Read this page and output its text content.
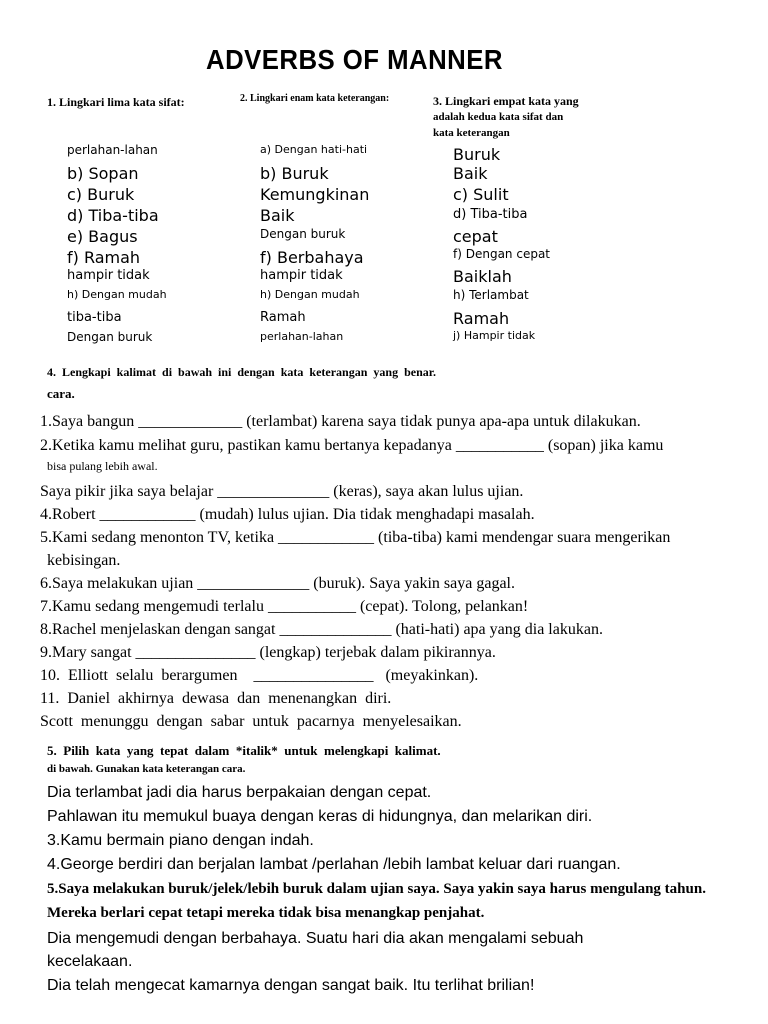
ADVERBS OF MANNER
1. Lingkari lima kata sifat:	2. Lingkari enam kata keterangan:	3. Lingkari empat kata yang
adalah kedua kata sifat dan
kata keterangan
perlahan-lahan
b) Sopan
c) Buruk
d) Tiba-tiba
e) Bagus
f) Ramah
hampir tidak
h) Dengan mudah
tiba-tiba
Dengan buruk
a) Dengan hati-hati
b) Buruk
Kemungkinan
Baik
Dengan buruk
f) Berbahaya
hampir tidak
h) Dengan mudah
Ramah
perlahan-lahan
Buruk
Baik
c) Sulit
d) Tiba-tiba
cepat
f) Dengan cepat
Baiklah
h) Terlambat
Ramah
j) Hampir tidak
4.  Lengkapi  kalimat  di  bawah  ini  dengan  kata  keterangan  yang  benar.
cara.
1.Saya bangun _____________ (terlambat) karena saya tidak punya apa-apa untuk dilakukan.
2.Ketika kamu melihat guru, pastikan kamu bertanya kepadanya ___________ (sopan) jika kamu
bisa pulang lebih awal.
Saya pikir jika saya belajar ______________ (keras), saya akan lulus ujian.
4.Robert ____________ (mudah) lulus ujian. Dia tidak menghadapi masalah.
5.Kami sedang menonton TV, ketika ____________ (tiba-tiba) kami mendengar suara mengerikan
kebisingan.
6.Saya melakukan ujian ______________ (buruk). Saya yakin saya gagal.
7.Kamu sedang mengemudi terlalu ___________ (cepat). Tolong, pelankan!
8.Rachel menjelaskan dengan sangat ______________ (hati-hati) apa yang dia lakukan.
9.Mary sangat _______________ (lengkap) terjebak dalam pikirannya.
10.  Elliott  selalu  berargumen    _______________   (meyakinkan).
11.  Daniel  akhirnya  dewasa  dan  menenangkan  diri.
Scott  menunggu  dengan  sabar  untuk  pacarnya  menyelesaikan.
5.  Pilih  kata  yang  tepat  dalam  *italik*  untuk  melengkapi  kalimat.
di bawah. Gunakan kata keterangan cara.
Dia terlambat jadi dia harus berpakaian dengan cepat.
Pahlawan itu memukul buaya dengan keras di hidungnya, dan melarikan diri.
3.Kamu bermain piano dengan indah.
4.George berdiri dan berjalan lambat /perlahan /lebih lambat keluar dari ruangan.
5.Saya melakukan buruk/jelek/lebih buruk dalam ujian saya. Saya yakin saya harus mengulang tahun.
Mereka berlari cepat tetapi mereka tidak bisa menangkap penjahat.
Dia mengemudi dengan berbahaya. Suatu hari dia akan mengalami sebuah
kecelakaan.
Dia telah mengecat kamarnya dengan sangat baik. Itu terlihat brilian!
